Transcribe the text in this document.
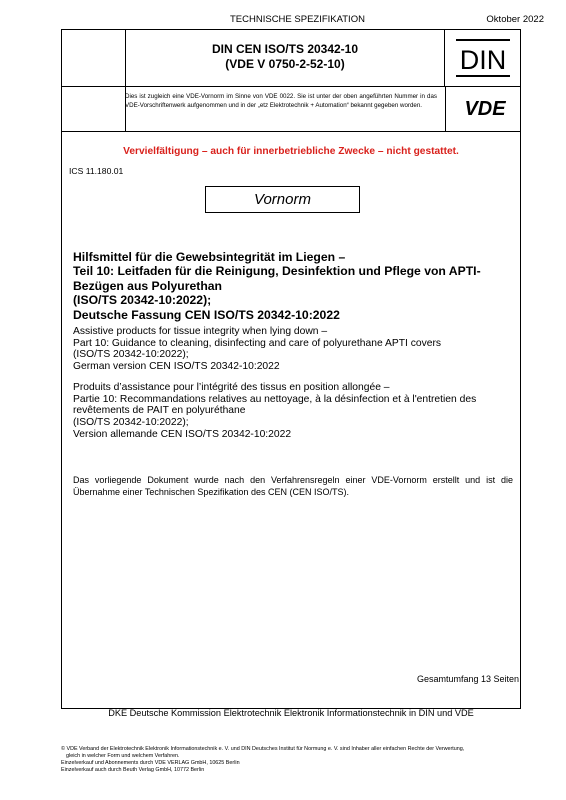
TECHNISCHE SPEZIFIKATION	Oktober 2022
DIN CEN ISO/TS 20342-10
(VDE V 0750-2-52-10)	DIN
Dies ist zugleich eine VDE-Vornorm im Sinne von VDE 0022. Sie ist unter der oben angeführten Nummer in das VDE-Vorschriftenwerk aufgenommen und in der „etz Elektrotechnik + Automation“ bekannt gegeben worden.	VDE
Vervielfältigung – auch für innerbetriebliche Zwecke – nicht gestattet.
ICS 11.180.01
Vornorm
Hilfsmittel für die Gewebsintegrität im Liegen –
Teil 10: Leitfaden für die Reinigung, Desinfektion und Pflege von APTI-
Bezügen aus Polyurethan
(ISO/TS 20342-10:2022);
Deutsche Fassung CEN ISO/TS 20342-10:2022
Assistive products for tissue integrity when lying down –
Part 10: Guidance to cleaning, disinfecting and care of polyurethane APTI covers
(ISO/TS 20342-10:2022);
German version CEN ISO/TS 20342-10:2022
Produits d’assistance pour l’intégrité des tissus en position allongée –
Partie 10: Recommandations relatives au nettoyage, à la désinfection et à l'entretien des
revêtements de PAIT en polyuréthane
(ISO/TS 20342-10:2022);
Version allemande CEN ISO/TS 20342-10:2022
Das vorliegende Dokument wurde nach den Verfahrensregeln einer VDE-Vornorm erstellt und ist die Übernahme einer Technischen Spezifikation des CEN (CEN ISO/TS).
Gesamtumfang 13 Seiten
DKE Deutsche Kommission Elektrotechnik Elektronik Informationstechnik in DIN und VDE
© VDE Verband der Elektrotechnik Elektronik Informationstechnik e. V. und DIN Deutsches Institut für Normung e. V. sind Inhaber aller einfachen Rechte der Verwertung,
gleich in welcher Form und welchem Verfahren.
Einzelverkauf und Abonnements durch VDE VERLAG GmbH, 10625 Berlin
Einzelverkauf auch durch Beuth Verlag GmbH, 10772 Berlin
